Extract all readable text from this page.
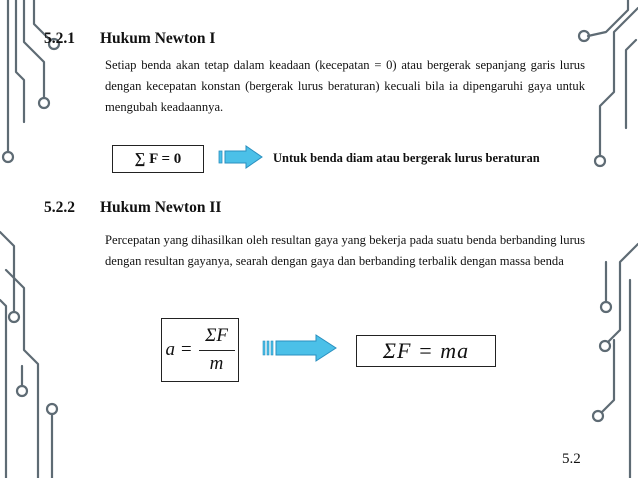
5.2.1 Hukum Newton I

Setiap benda akan tetap dalam keadaan (kecepatan = 0) atau bergerak sepanjang garis lurus dengan kecepatan konstan (bergerak lurus beraturan) kecuali bila ia dipengaruhi gaya untuk mengubah keadaannya.

∑ F = 0	Untuk benda diam atau bergerak lurus beraturan
5.2.2 Hukum Newton II

Percepatan yang dihasilkan oleh resultan gaya yang bekerja pada suatu benda berbanding lurus dengan resultan gayanya, searah dengan gaya dan berbanding terbalik dengan massa benda

$a = \frac{\Sigma F}{m}$	ΣF = ma
5.2
